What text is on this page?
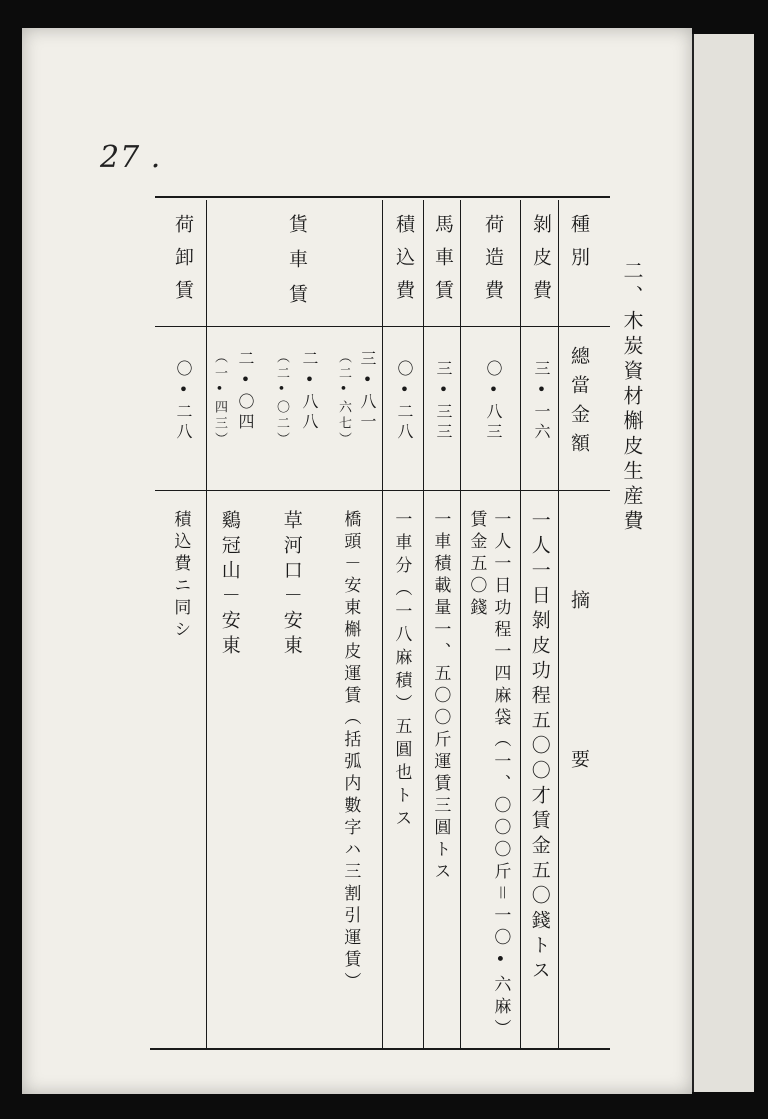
27 .
二、木炭資材槲皮生産費
種別
總當金額
摘要
剝皮費
三•一六
一人一日剝皮功程五〇〇才賃金五〇錢トス
荷造費
〇•八三
一人一日功程一四麻袋（一、〇〇〇斤＝一〇•六麻）
賃金五〇錢
馬車賃
三•三三
一車積載量一、五〇〇斤運賃三圓トス
積込費
〇•二八
一車分（一八麻積）五圓也トス
貨車賃
三•八一
（二•六七）
橋頭－安東槲皮運賃（括弧内數字ハ三割引運賃）
二•八八
（二•〇二）
草河口－安東
二•〇四
（一•四三）
鷄冠山－安東
荷卸賃
〇•二八
積込費ニ同シ
